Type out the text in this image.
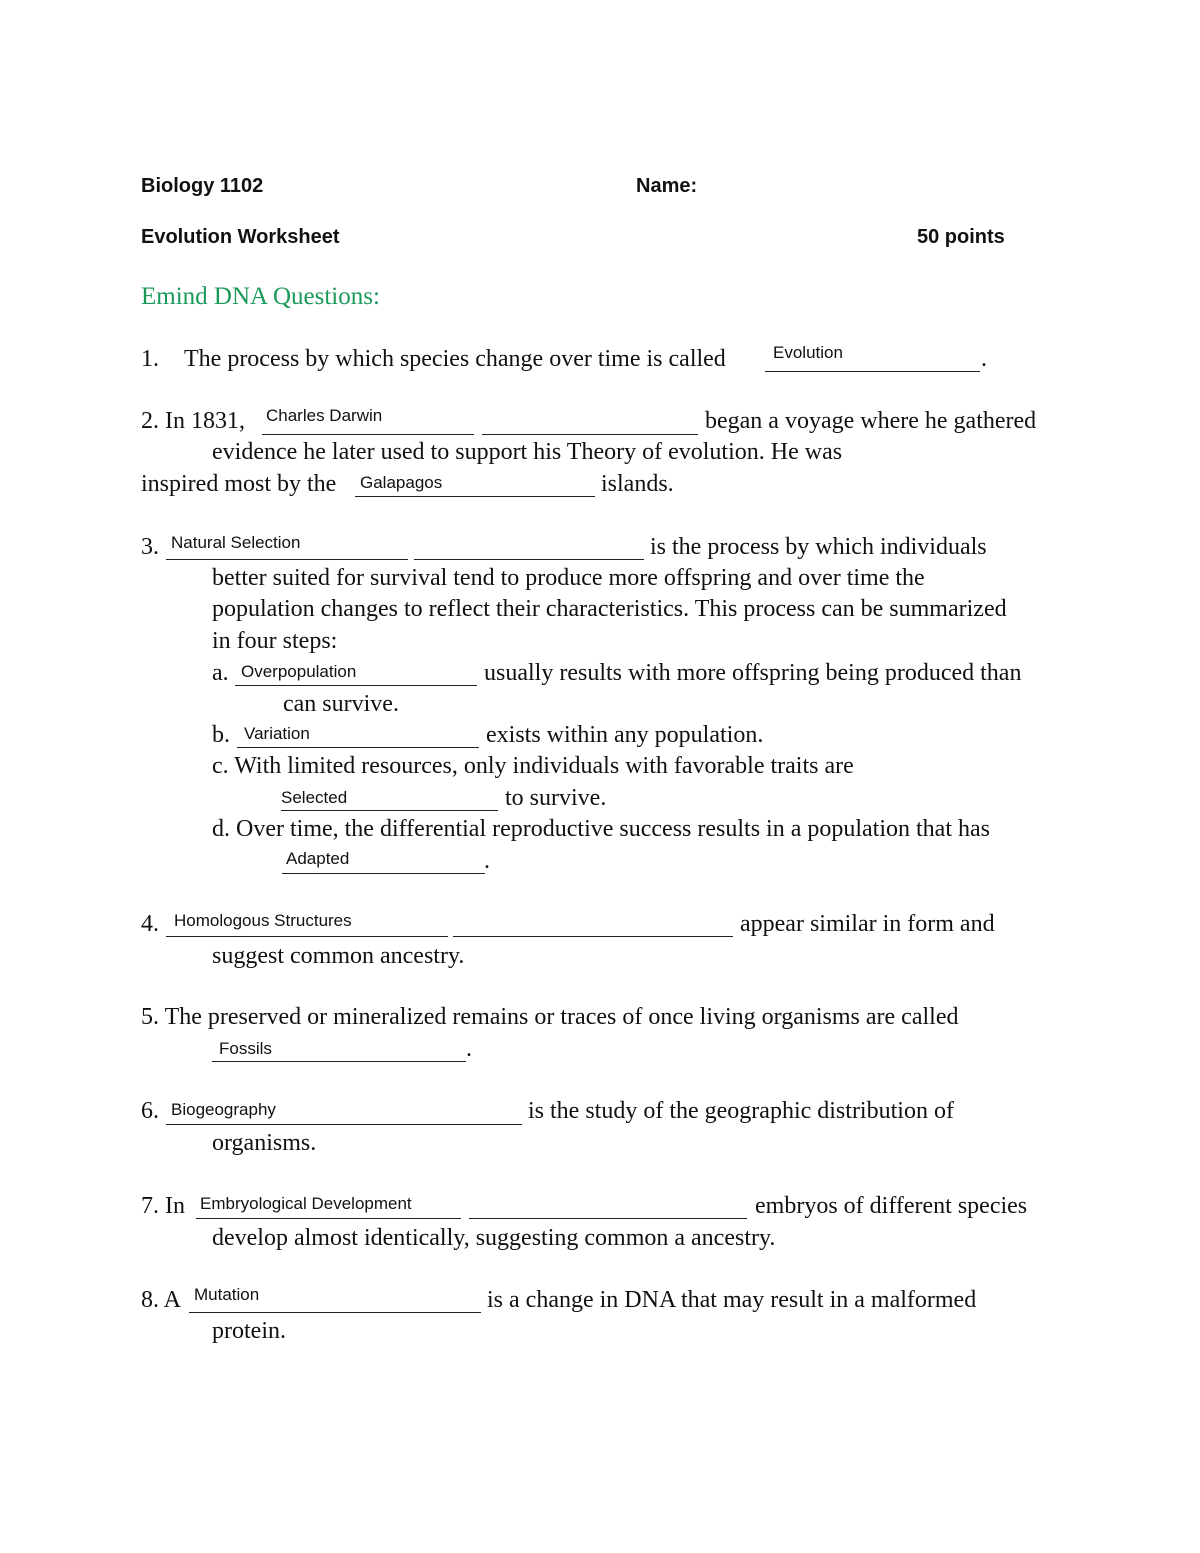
Biology 1102	Name:
Evolution Worksheet	50 points
Emind DNA Questions:
1. The process by which species change over time is called	Evolution	.
2. In 1831, Charles Darwin	began a voyage where he gathered
evidence he later used to support his Theory of evolution. He was
inspired most by the Galapagos	islands.
3. Natural Selection	is the process by which individuals
better suited for survival tend to produce more offspring and over time the
population changes to reflect their characteristics. This process can be summarized
in four steps:
a. Overpopulation	usually results with more offspring being produced than
can survive.
b. Variation	exists within any population.
c. With limited resources, only individuals with favorable traits are
Selected	to survive.
d. Over time, the differential reproductive success results in a population that has
Adapted	.
4. Homologous Structures	appear similar in form and
suggest common ancestry.
5. The preserved or mineralized remains or traces of once living organisms are called
Fossils	.
6. Biogeography	is the study of the geographic distribution of
organisms.
7. In Embryological Development	embryos of different species
develop almost identically, suggesting common a ancestry.
8. A Mutation	is a change in DNA that may result in a malformed
protein.
